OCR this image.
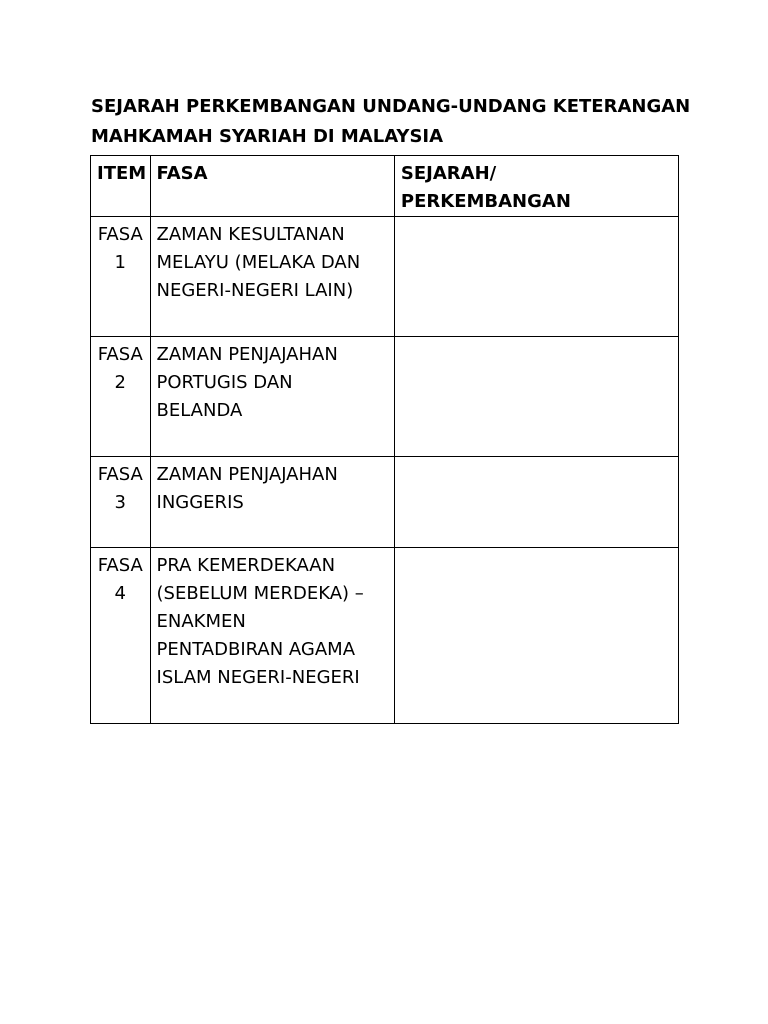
SEJARAH PERKEMBANGAN UNDANG-UNDANG KETERANGAN
MAHKAMAH SYARIAH DI MALAYSIA
ITEM	FASA	SEJARAH/
PERKEMBANGAN

FASA
1	ZAMAN KESULTANAN
MELAYU (MELAKA DAN
NEGERI-NEGERI LAIN)	

FASA
2	ZAMAN PENJAJAHAN
PORTUGIS DAN
BELANDA	

FASA
3	ZAMAN PENJAJAHAN
INGGERIS	

FASA
4	PRA KEMERDEKAAN
(SEBELUM MERDEKA) –
ENAKMEN
PENTADBIRAN AGAMA
ISLAM NEGERI-NEGERI	
